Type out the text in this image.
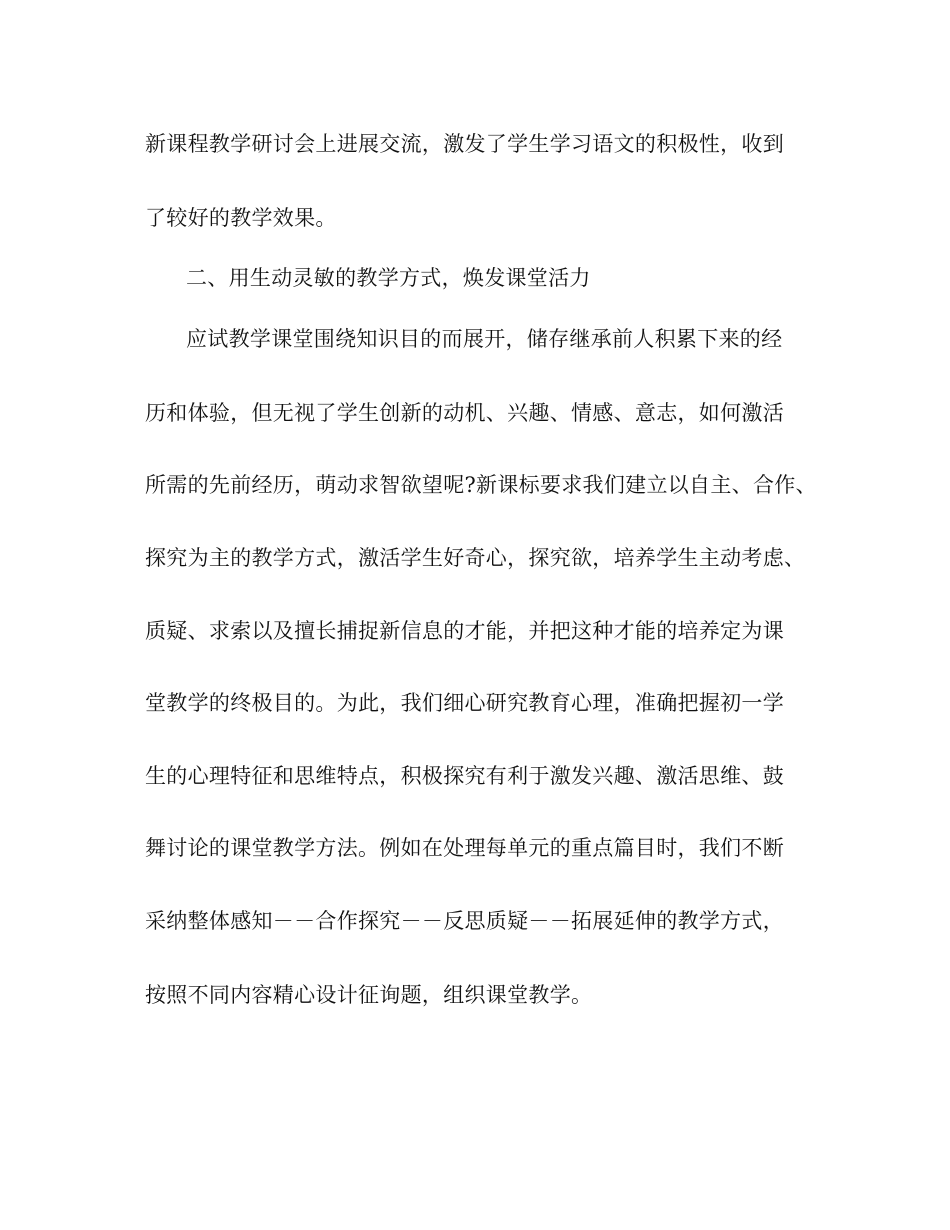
新课程教学研讨会上进展交流，激发了学生学习语文的积极性，收到
了较好的教学效果。
二、用生动灵敏的教学方式，焕发课堂活力
应试教学课堂围绕知识目的而展开，储存继承前人积累下来的经
历和体验，但无视了学生创新的动机、兴趣、情感、意志，如何激活
所需的先前经历，萌动求智欲望呢?新课标要求我们建立以自主、合作、
探究为主的教学方式，激活学生好奇心，探究欲，培养学生主动考虑、
质疑、求索以及擅长捕捉新信息的才能，并把这种才能的培养定为课
堂教学的终极目的。为此，我们细心研究教育心理，准确把握初一学
生的心理特征和思维特点，积极探究有利于激发兴趣、激活思维、鼓
舞讨论的课堂教学方法。例如在处理每单元的重点篇目时，我们不断
采纳整体感知－－合作探究－－反思质疑－－拓展延伸的教学方式，
按照不同内容精心设计征询题，组织课堂教学。
